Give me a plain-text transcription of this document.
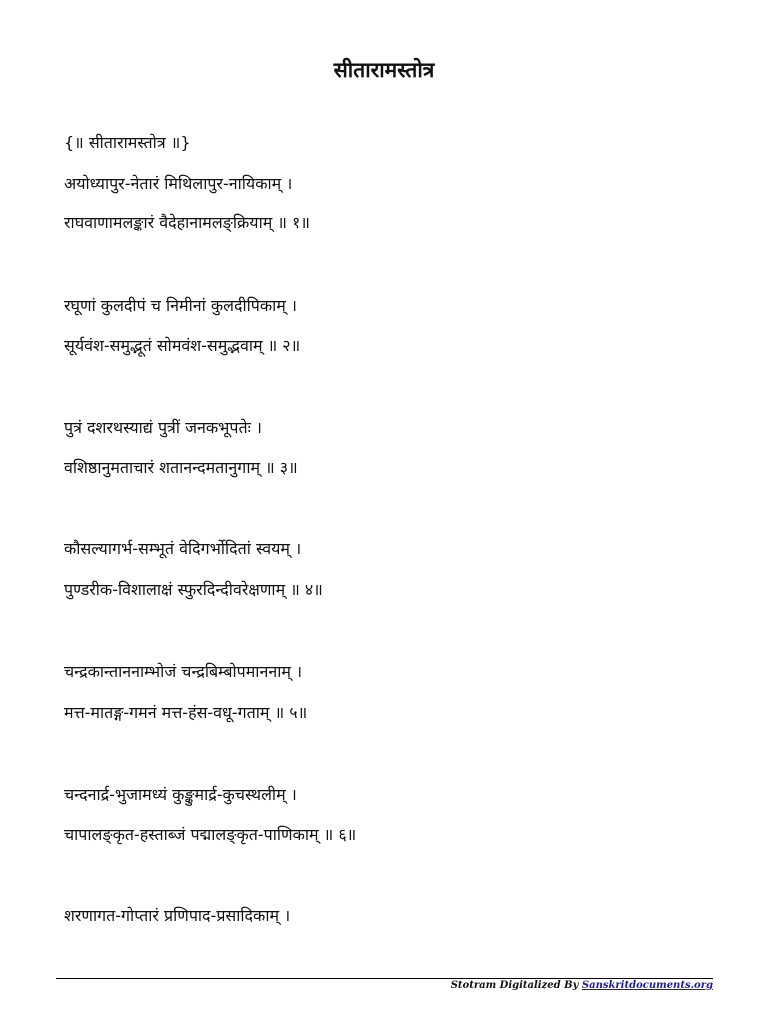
सीतारामस्तोत्र
{॥ सीतारामस्तोत्र ॥}
अयोध्यापुर-नेतारं मिथिलापुर-नायिकाम् ।
राघवाणामलङ्कारं वैदेहानामलङ्क्रियाम् ॥ १॥
रघूणां कुलदीपं च निमीनां कुलदीपिकाम् ।
सूर्यवंश-समुद्भूतं सोमवंश-समुद्भवाम् ॥ २॥
पुत्रं दशरथस्याद्यं पुत्रीं जनकभूपतेः ।
वशिष्ठानुमताचारं शतानन्दमतानुगाम् ॥ ३॥
कौसल्यागर्भ-सम्भूतं वेदिगर्भोदितां स्वयम् ।
पुण्डरीक-विशालाक्षं स्फुरदिन्दीवरेक्षणाम् ॥ ४॥
चन्द्रकान्ताननाम्भोजं चन्द्रबिम्बोपमाननाम् ।
मत्त-मातङ्ग-गमनं मत्त-हंस-वधू-गताम् ॥ ५॥
चन्दनार्द्र-भुजामध्यं कुङ्कुमार्द्र-कुचस्थलीम् ।
चापालङ्कृत-हस्ताब्जं पद्मालङ्कृत-पाणिकाम् ॥ ६॥
शरणागत-गोप्तारं प्रणिपाद-प्रसादिकाम् ।
Stotram Digitalized By Sanskritdocuments.org
